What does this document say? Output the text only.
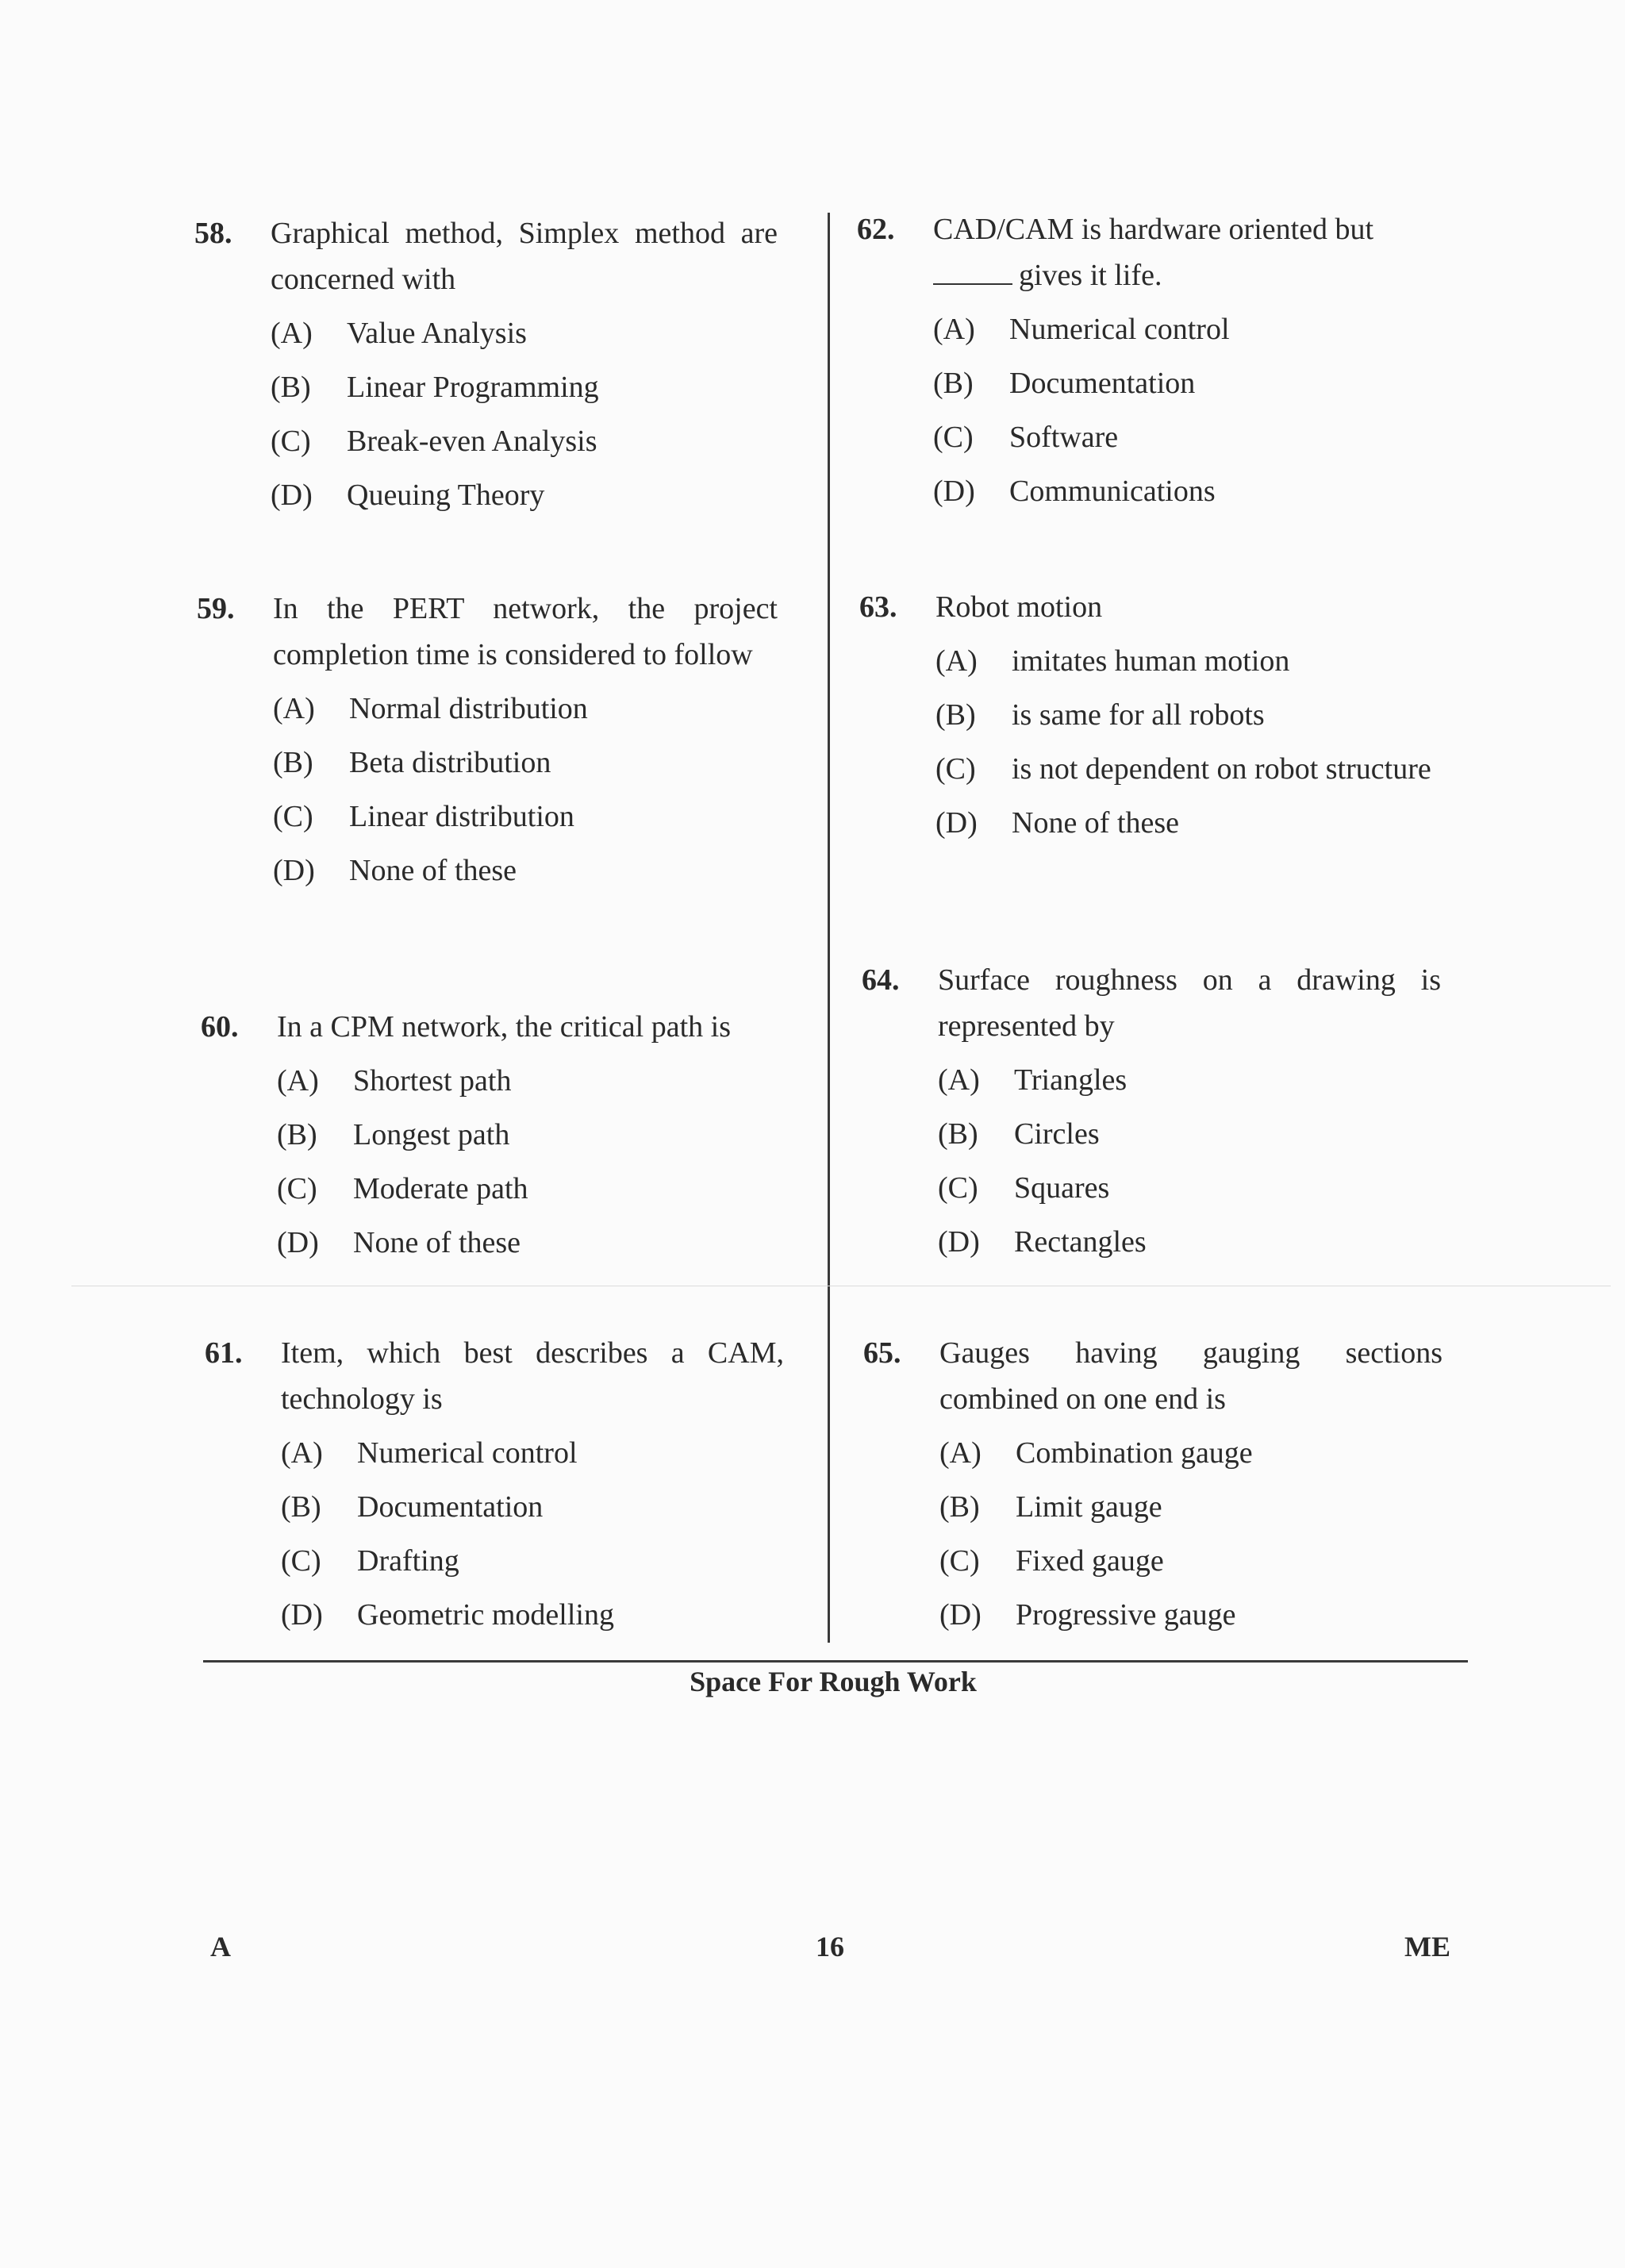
58.	Graphical method, Simplex method are concerned with
(A)	Value Analysis
(B)	Linear Programming
(C)	Break-even Analysis
(D)	Queuing Theory
59.	In the PERT network, the project completion time is considered to follow
(A)	Normal distribution
(B)	Beta distribution
(C)	Linear distribution
(D)	None of these
60.	In a CPM network, the critical path is
(A)	Shortest path
(B)	Longest path
(C)	Moderate path
(D)	None of these
61.	Item, which best describes a CAM, technology is
(A)	Numerical control
(B)	Documentation
(C)	Drafting
(D)	Geometric modelling
62.	CAD/CAM is hardware oriented but
gives it life.
(A)	Numerical control
(B)	Documentation
(C)	Software
(D)	Communications
63.	Robot motion
(A)	imitates human motion
(B)	is same for all robots
(C)	is not dependent on robot structure
(D)	None of these
64.	Surface roughness on a drawing is represented by
(A)	Triangles
(B)	Circles
(C)	Squares
(D)	Rectangles
65.	Gauges having gauging sections combined on one end is
(A)	Combination gauge
(B)	Limit gauge
(C)	Fixed gauge
(D)	Progressive gauge
Space For Rough Work
A	16	ME
